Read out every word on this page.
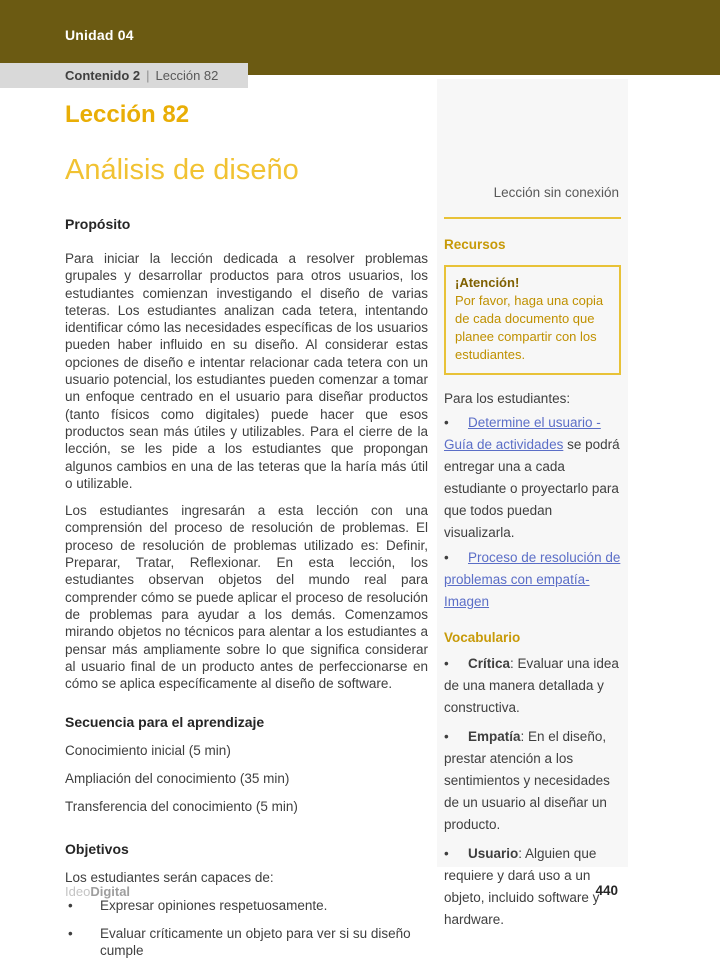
Unidad 04
Contenido 2 | Lección 82
Lección 82
Análisis de diseño
Propósito

Para iniciar la lección dedicada a resolver problemas grupales y desarrollar productos para otros usuarios, los estudiantes comienzan investigando el diseño de varias teteras. Los estudiantes analizan cada tetera, intentando identificar cómo las necesidades específicas de los usuarios pueden haber influido en su diseño. Al considerar estas opciones de diseño e intentar relacionar cada tetera con un usuario potencial, los estudiantes pueden comenzar a tomar un enfoque centrado en el usuario para diseñar productos (tanto físicos como digitales) puede hacer que esos productos sean más útiles y utilizables. Para el cierre de la lección, se les pide a los estudiantes que propongan algunos cambios en una de las teteras que la haría más útil o utilizable.

Los estudiantes ingresarán a esta lección con una comprensión del proceso de resolución de problemas. El proceso de resolución de problemas utilizado es: Definir, Preparar, Tratar, Reflexionar. En esta lección, los estudiantes observan objetos del mundo real para comprender cómo se puede aplicar el proceso de resolución de problemas para ayudar a los demás. Comenzamos mirando objetos no técnicos para alentar a los estudiantes a pensar más ampliamente sobre lo que significa considerar al usuario final de un producto antes de perfeccionarse en cómo se aplica específicamente al diseño de software.

Secuencia para el aprendizaje

Conocimiento inicial (5 min)

Ampliación del conocimiento (35 min)

Transferencia del conocimiento (5 min)

Objetivos

Los estudiantes serán capaces de:

• Expresar opiniones respetuosamente.
• Evaluar críticamente un objeto para ver si su diseño cumple
Lección sin conexión
Recursos
¡Atención!
Por favor, haga una copia de cada documento que planee compartir con los estudiantes.
Para los estudiantes:

• Determine el usuario - Guía de actividades se podrá entregar una a cada estudiante o proyectarlo para que todos puedan visualizarla.

• Proceso de resolución de problemas con empatía- Imagen

Vocabulario

• Crítica: Evaluar una idea de una manera detallada y constructiva.

• Empatía: En el diseño, prestar atención a los sentimientos y necesidades de un usuario al diseñar un producto.

• Usuario: Alguien que requiere y dará uso a un objeto, incluido software y hardware.

IdeoDigital	440
